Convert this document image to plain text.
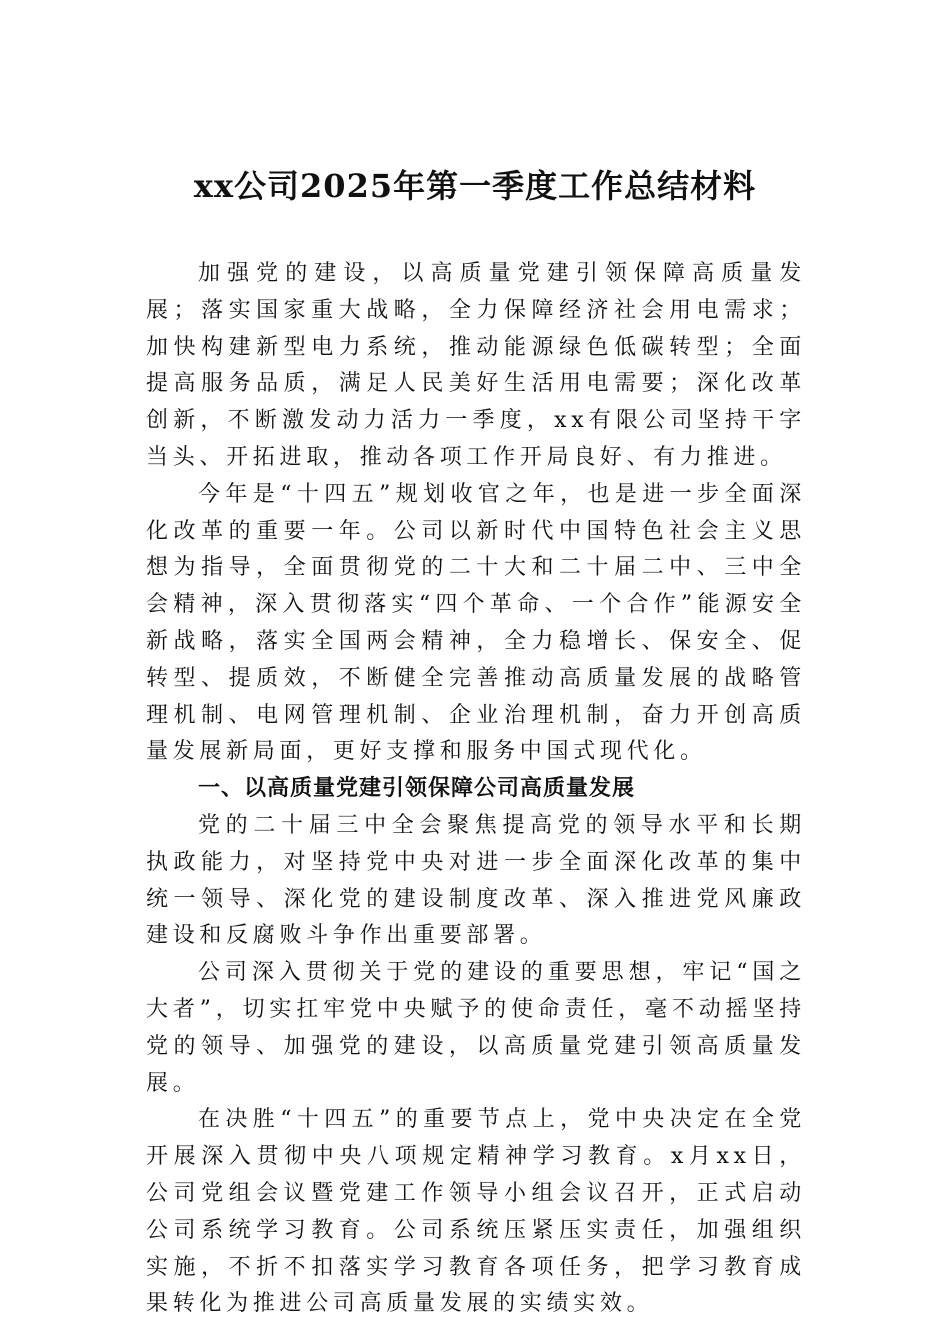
xx公司2025年第一季度工作总结材料

加强党的建设，以高质量党建引领保障高质量发展；落实国家重大战略，全力保障经济社会用电需求；加快构建新型电力系统，推动能源绿色低碳转型；全面提高服务品质，满足人民美好生活用电需要；深化改革创新，不断激发动力活力一季度，xx有限公司坚持干字当头、开拓进取，推动各项工作开局良好、有力推进。

今年是“十四五”规划收官之年，也是进一步全面深化改革的重要一年。公司以新时代中国特色社会主义思想为指导，全面贯彻党的二十大和二十届二中、三中全会精神，深入贯彻落实“四个革命、一个合作”能源安全新战略，落实全国两会精神，全力稳增长、保安全、促转型、提质效，不断健全完善推动高质量发展的战略管理机制、电网管理机制、企业治理机制，奋力开创高质量发展新局面，更好支撑和服务中国式现代化。

一、以高质量党建引领保障公司高质量发展

党的二十届三中全会聚焦提高党的领导水平和长期执政能力，对坚持党中央对进一步全面深化改革的集中统一领导、深化党的建设制度改革、深入推进党风廉政建设和反腐败斗争作出重要部署。

公司深入贯彻关于党的建设的重要思想，牢记“国之大者”，切实扛牢党中央赋予的使命责任，毫不动摇坚持党的领导、加强党的建设，以高质量党建引领高质量发展。

在决胜“十四五”的重要节点上，党中央决定在全党开展深入贯彻中央八项规定精神学习教育。x月xx日，公司党组会议暨党建工作领导小组会议召开，正式启动公司系统学习教育。公司系统压紧压实责任，加强组织实施，不折不扣落实学习教育各项任务，把学习教育成果转化为推进公司高质量发展的实绩实效。
